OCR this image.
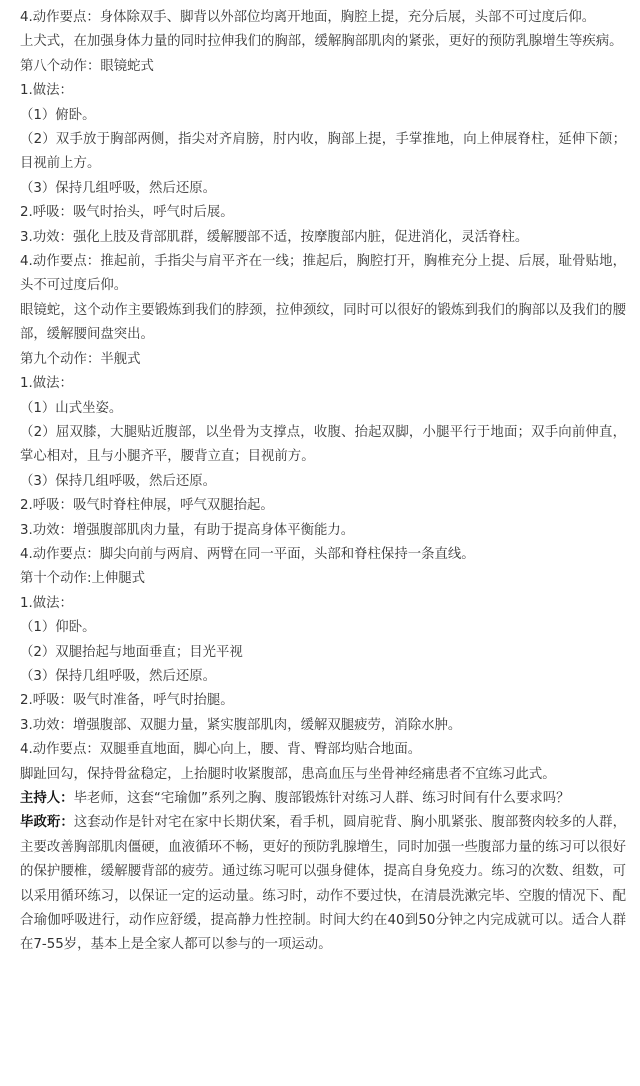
4.动作要点：身体除双手、脚背以外部位均离开地面，胸腔上提，充分后展，头部不可过度后仰。

上犬式，在加强身体力量的同时拉伸我们的胸部，缓解胸部肌肉的紧张，更好的预防乳腺增生等疾病。

第八个动作：眼镜蛇式

1.做法：

（1）俯卧。

（2）双手放于胸部两侧，指尖对齐肩膀，肘内收，胸部上提，手掌推地，向上伸展脊柱，延伸下颌；目视前上方。

（3）保持几组呼吸，然后还原。

2.呼吸：吸气时抬头，呼气时后展。

3.功效：强化上肢及背部肌群，缓解腰部不适，按摩腹部内脏，促进消化，灵活脊柱。

4.动作要点：推起前，手指尖与肩平齐在一线；推起后，胸腔打开，胸椎充分上提、后展，耻骨贴地，头不可过度后仰。

眼镜蛇，这个动作主要锻炼到我们的脖颈，拉伸颈纹，同时可以很好的锻炼到我们的胸部以及我们的腰部，缓解腰间盘突出。

第九个动作：半舰式

1.做法：

（1）山式坐姿。

（2）屈双膝，大腿贴近腹部，以坐骨为支撑点，收腹、抬起双脚，小腿平行于地面；双手向前伸直，掌心相对，且与小腿齐平，腰背立直；目视前方。

（3）保持几组呼吸，然后还原。

2.呼吸：吸气时脊柱伸展，呼气双腿抬起。

3.功效：增强腹部肌肉力量，有助于提高身体平衡能力。

4.动作要点：脚尖向前与两肩、两臂在同一平面，头部和脊柱保持一条直线。

第十个动作:上伸腿式

1.做法：

（1）仰卧。

（2）双腿抬起与地面垂直；目光平视

（3）保持几组呼吸，然后还原。

2.呼吸：吸气时准备，呼气时抬腿。

3.功效：增强腹部、双腿力量，紧实腹部肌肉，缓解双腿疲劳，消除水肿。

4.动作要点：双腿垂直地面，脚心向上，腰、背、臀部均贴合地面。

脚趾回勾，保持骨盆稳定，上抬腿时收紧腹部，患高血压与坐骨神经痛患者不宜练习此式。

主持人：毕老师，这套“宅瑜伽”系列之胸、腹部锻炼针对练习人群、练习时间有什么要求吗？

毕政珩：这套动作是针对宅在家中长期伏案，看手机，圆肩驼背、胸小肌紧张、腹部赘肉较多的人群，主要改善胸部肌肉僵硬，血液循环不畅，更好的预防乳腺增生，同时加强一些腹部力量的练习可以很好的保护腰椎，缓解腰背部的疲劳。通过练习呢可以强身健体，提高自身免疫力。练习的次数、组数，可以采用循环练习，以保证一定的运动量。练习时，动作不要过快，在清晨洗漱完毕、空腹的情况下、配合瑜伽呼吸进行，动作应舒缓，提高静力性控制。时间大约在40到50分钟之内完成就可以。适合人群在7-55岁，基本上是全家人都可以参与的一项运动。
